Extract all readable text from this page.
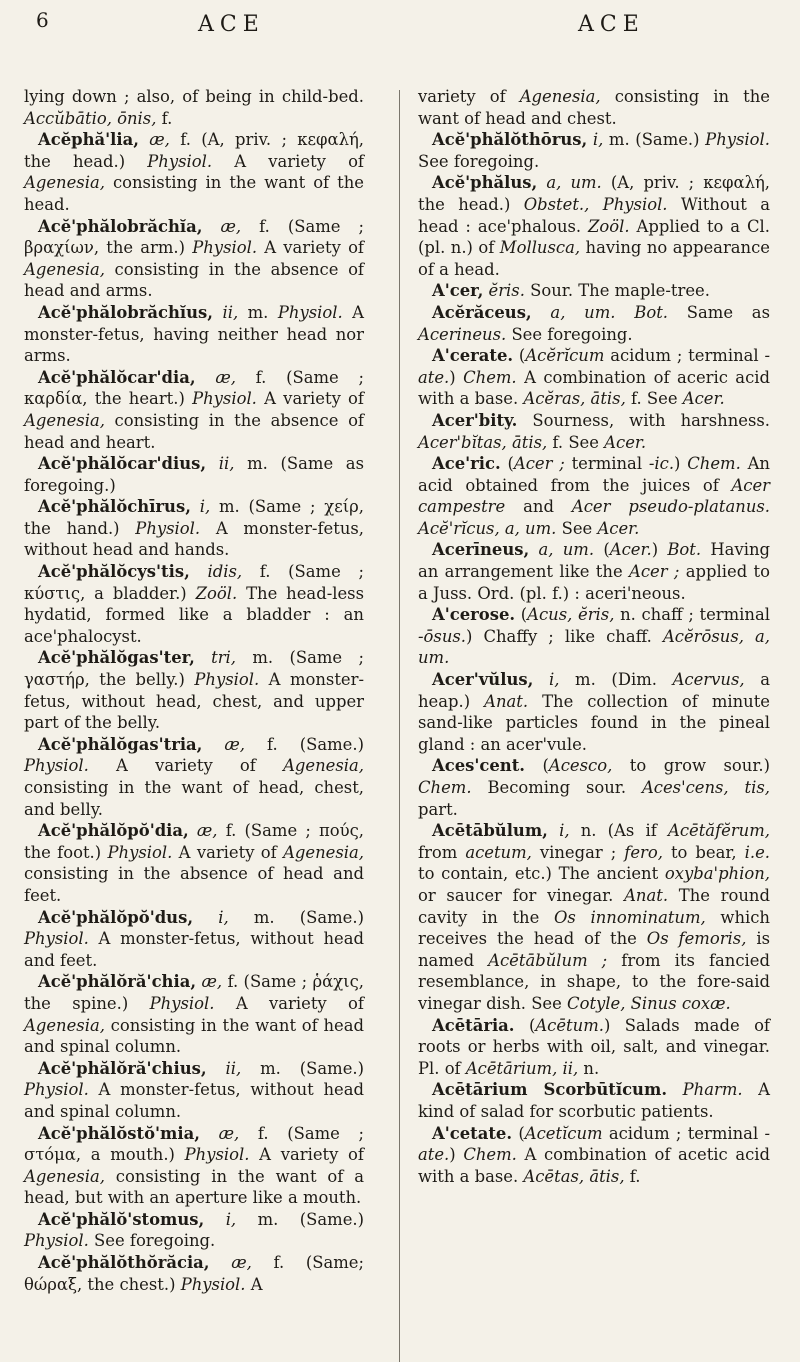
6	ACE	ACE

lying down ; also, of being in child-bed. Accŭbātio, ōnis, f.

Acĕphă'lia, æ, f. (A, priv. ; κεφαλή, the head.) Physiol. A variety of Agenesia, consisting in the want of the head.

Acĕ'phălobrăchĭa, æ, f. (Same ; βραχίων, the arm.) Physiol. A variety of Agenesia, consisting in the absence of head and arms.

Acĕ'phălobrăchĭus, ii, m. Physiol. A monster-fetus, having neither head nor arms.

Acĕ'phălŏcar'dia, æ, f. (Same ; καρδία, the heart.) Physiol. A variety of Agenesia, consisting in the absence of head and heart.

Acĕ'phălŏcar'dius, ii, m. (Same as foregoing.)

Acĕ'phălŏchīrus, i, m. (Same ; χείρ, the hand.) Physiol. A monster-fetus, without head and hands.

Acĕ'phălŏcys'tis, idis, f. (Same ; κύστις, a bladder.) Zoöl. The head-less hydatid, formed like a bladder : an ace'phalocyst.

Acĕ'phălŏgas'ter, tri, m. (Same ; γαστήρ, the belly.) Physiol. A monster-fetus, without head, chest, and upper part of the belly.

Acĕ'phălŏgas'tria, æ, f. (Same.) Physiol. A variety of Agenesia, consisting in the want of head, chest, and belly.

Acĕ'phălŏpŏ'dia, æ, f. (Same ; πούς, the foot.) Physiol. A variety of Agenesia, consisting in the absence of head and feet.

Acĕ'phălŏpŏ'dus, i, m. (Same.) Physiol. A monster-fetus, without head and feet.

Acĕ'phălŏră'chia, æ, f. (Same ; ῥάχις, the spine.) Physiol. A variety of Agenesia, consisting in the want of head and spinal column.

Acĕ'phălŏră'chius, ii, m. (Same.) Physiol. A monster-fetus, without head and spinal column.

Acĕ'phălŏstŏ'mia, æ, f. (Same ; στόμα, a mouth.) Physiol. A variety of Agenesia, consisting in the want of a head, but with an aperture like a mouth.

Acĕ'phălŏ'stomus, i, m. (Same.) Physiol. See foregoing.

Acĕ'phălŏthŏrăcia, æ, f. (Same; θώραξ, the chest.) Physiol. A

variety of Agenesia, consisting in the want of head and chest.

Acĕ'phălŏthōrus, i, m. (Same.) Physiol. See foregoing.

Acĕ'phălus, a, um. (A, priv. ; κεφαλή, the head.) Obstet., Physiol. Without a head : ace'phalous. Zoöl. Applied to a Cl. (pl. n.) of Mollusca, having no appearance of a head.

A'cer, ĕris. Sour. The maple-tree.

Acĕrăceus, a, um. Bot. Same as Acerineus. See foregoing.

A'cerate. (Acĕrĭcum acidum ; terminal -ate.) Chem. A combination of aceric acid with a base. Acĕras, ātis, f. See Acer.

Acer'bity. Sourness, with harshness. Acer'bĭtas, ātis, f. See Acer.

Ace'ric. (Acer ; terminal -ic.) Chem. An acid obtained from the juices of Acer campestre and Acer pseudo-platanus. Acĕ'rĭcus, a, um. See Acer.

Acerīneus, a, um. (Acer.) Bot. Having an arrangement like the Acer ; applied to a Juss. Ord. (pl. f.) : aceri'neous.

A'cerose. (Acus, ĕris, n. chaff ; terminal -ōsus.) Chaffy ; like chaff. Acĕrōsus, a, um.

Acer'vŭlus, i, m. (Dim. Acervus, a heap.) Anat. The collection of minute sand-like particles found in the pineal gland : an acer'vule.

Aces'cent. (Acesco, to grow sour.) Chem. Becoming sour. Aces'cens, tis, part.

Acētābŭlum, i, n. (As if Acētăfĕrum, from acetum, vinegar ; fero, to bear, i.e. to contain, etc.) The ancient oxyba'phion, or saucer for vinegar. Anat. The round cavity in the Os innominatum, which receives the head of the Os femoris, is named Acētābŭlum ; from its fancied resemblance, in shape, to the fore-said vinegar dish. See Cotyle, Sinus coxæ.

Acētāria. (Acētum.) Salads made of roots or herbs with oil, salt, and vinegar. Pl. of Acētārium, ii, n.

Acētārium Scorbūtĭcum. Pharm. A kind of salad for scorbutic patients.

A'cetate. (Acetĭcum acidum ; terminal -ate.) Chem. A combination of acetic acid with a base. Acētas, ātis, f.
